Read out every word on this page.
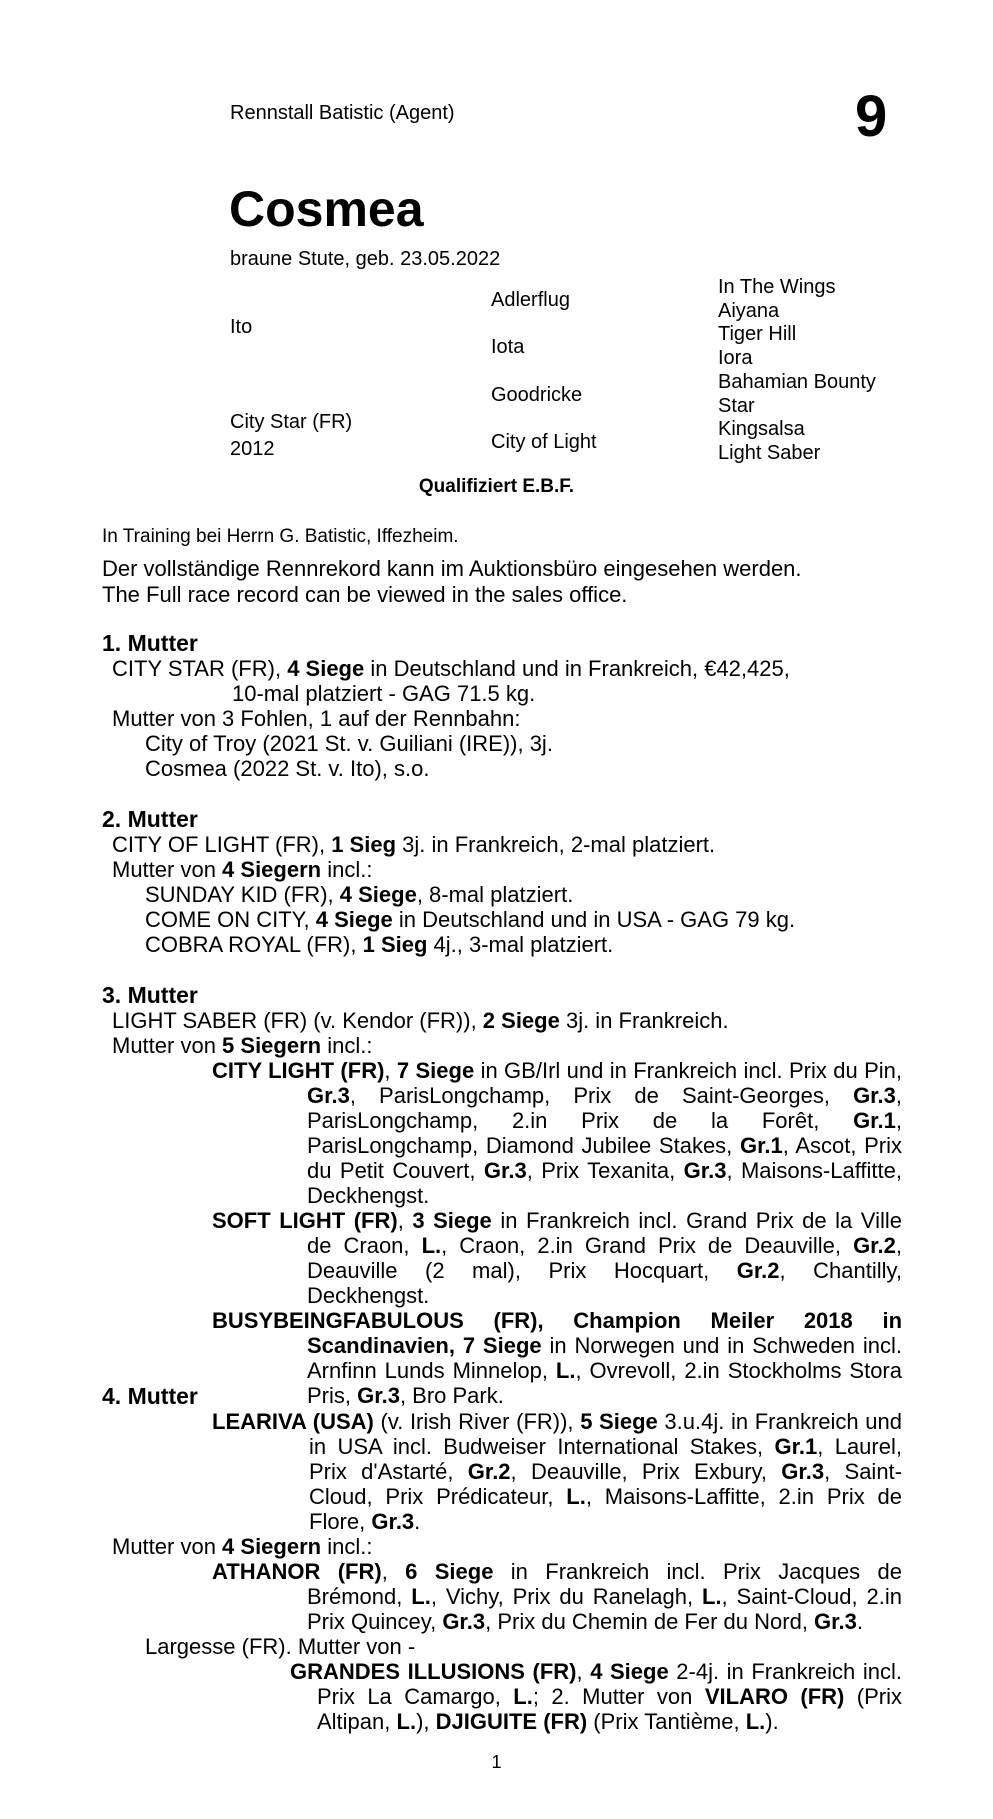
Rennstall Batistic (Agent)	9
Cosmea
braune Stute, geb. 23.05.2022
Ito
City Star (FR)
2012
Adlerflug
Iota
Goodricke
City of Light
In The Wings
Aiyana
Tiger Hill
Iora
Bahamian Bounty
Star
Kingsalsa
Light Saber
Qualifiziert E.B.F.
In Training bei Herrn G. Batistic, Iffezheim.
Der vollständige Rennrekord kann im Auktionsbüro eingesehen werden.
The Full race record can be viewed in the sales office.
1. Mutter
CITY STAR (FR), 4 Siege in Deutschland und in Frankreich, €42,425,
10-mal platziert - GAG 71.5 kg.
Mutter von 3 Fohlen, 1 auf der Rennbahn:
City of Troy (2021 St. v. Guiliani (IRE)), 3j.
Cosmea (2022 St. v. Ito), s.o.
2. Mutter
CITY OF LIGHT (FR), 1 Sieg 3j. in Frankreich, 2-mal platziert.
Mutter von 4 Siegern incl.:
SUNDAY KID (FR), 4 Siege, 8-mal platziert.
COME ON CITY, 4 Siege in Deutschland und in USA - GAG 79 kg.
COBRA ROYAL (FR), 1 Sieg 4j., 3-mal platziert.
3. Mutter
LIGHT SABER (FR) (v. Kendor (FR)), 2 Siege 3j. in Frankreich.
Mutter von 5 Siegern incl.:
CITY LIGHT (FR), 7 Siege in GB/Irl und in Frankreich incl. Prix du Pin, Gr.3, ParisLongchamp, Prix de Saint-Georges, Gr.3, ParisLongchamp, 2.in Prix de la Forêt, Gr.1, ParisLongchamp, Diamond Jubilee Stakes, Gr.1, Ascot, Prix du Petit Couvert, Gr.3, Prix Texanita, Gr.3, Maisons-Laffitte, Deckhengst.
SOFT LIGHT (FR), 3 Siege in Frankreich incl. Grand Prix de la Ville de Craon, L., Craon, 2.in Grand Prix de Deauville, Gr.2, Deauville (2 mal), Prix Hocquart, Gr.2, Chantilly, Deckhengst.
BUSYBEINGFABULOUS (FR), Champion Meiler 2018 in Scandinavien, 7 Siege in Norwegen und in Schweden incl. Arnfinn Lunds Minnelop, L., Ovrevoll, 2.in Stockholms Stora Pris, Gr.3, Bro Park.
4. Mutter
LEARIVA (USA) (v. Irish River (FR)), 5 Siege 3.u.4j. in Frankreich und in USA incl. Budweiser International Stakes, Gr.1, Laurel, Prix d'Astarté, Gr.2, Deauville, Prix Exbury, Gr.3, Saint-Cloud, Prix Prédicateur, L., Maisons-Laffitte, 2.in Prix de Flore, Gr.3.
Mutter von 4 Siegern incl.:
ATHANOR (FR), 6 Siege in Frankreich incl. Prix Jacques de Brémond, L., Vichy, Prix du Ranelagh, L., Saint-Cloud, 2.in Prix Quincey, Gr.3, Prix du Chemin de Fer du Nord, Gr.3.
Largesse (FR). Mutter von -
GRANDES ILLUSIONS (FR), 4 Siege 2-4j. in Frankreich incl. Prix La Camargo, L.; 2. Mutter von VILARO (FR) (Prix Altipan, L.), DJIGUITE (FR) (Prix Tantième, L.).
1
